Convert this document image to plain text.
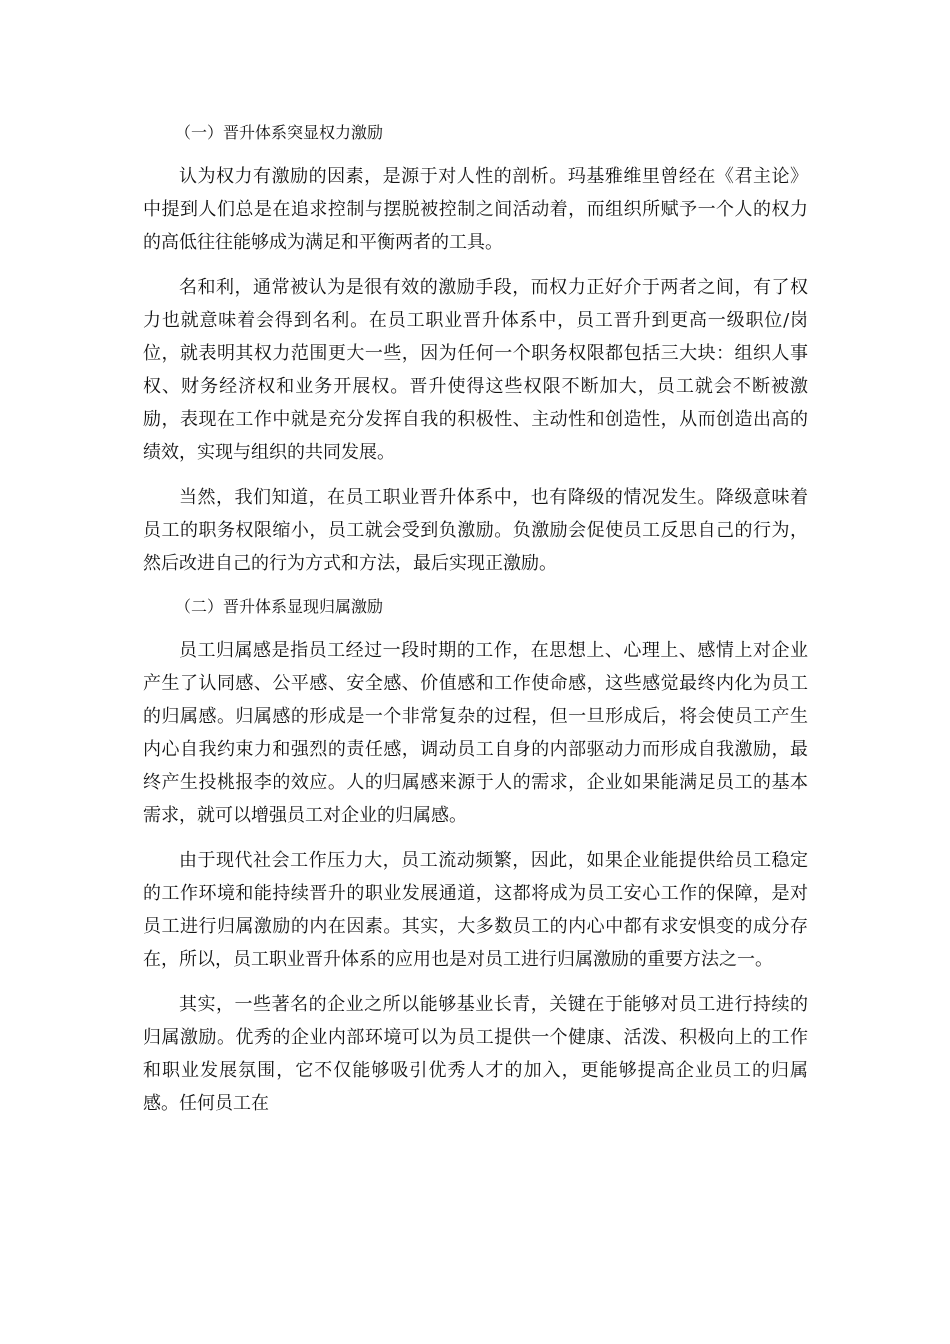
（一）晋升体系突显权力激励

认为权力有激励的因素，是源于对人性的剖析。玛基雅维里曾经在《君主论》中提到人们总是在追求控制与摆脱被控制之间活动着，而组织所赋予一个人的权力的高低往往能够成为满足和平衡两者的工具。

名和利，通常被认为是很有效的激励手段，而权力正好介于两者之间，有了权力也就意味着会得到名利。在员工职业晋升体系中，员工晋升到更高一级职位/岗位，就表明其权力范围更大一些，因为任何一个职务权限都包括三大块：组织人事权、财务经济权和业务开展权。晋升使得这些权限不断加大，员工就会不断被激励，表现在工作中就是充分发挥自我的积极性、主动性和创造性，从而创造出高的绩效，实现与组织的共同发展。

当然，我们知道，在员工职业晋升体系中，也有降级的情况发生。降级意味着员工的职务权限缩小，员工就会受到负激励。负激励会促使员工反思自己的行为，然后改进自己的行为方式和方法，最后实现正激励。

（二）晋升体系显现归属激励

员工归属感是指员工经过一段时期的工作，在思想上、心理上、感情上对企业产生了认同感、公平感、安全感、价值感和工作使命感，这些感觉最终内化为员工的归属感。归属感的形成是一个非常复杂的过程，但一旦形成后，将会使员工产生内心自我约束力和强烈的责任感，调动员工自身的内部驱动力而形成自我激励，最终产生投桃报李的效应。人的归属感来源于人的需求，企业如果能满足员工的基本需求，就可以增强员工对企业的归属感。

由于现代社会工作压力大，员工流动频繁，因此，如果企业能提供给员工稳定的工作环境和能持续晋升的职业发展通道，这都将成为员工安心工作的保障，是对员工进行归属激励的内在因素。其实，大多数员工的内心中都有求安惧变的成分存在，所以，员工职业晋升体系的应用也是对员工进行归属激励的重要方法之一。

其实，一些著名的企业之所以能够基业长青，关键在于能够对员工进行持续的归属激励。优秀的企业内部环境可以为员工提供一个健康、活泼、积极向上的工作和职业发展氛围，它不仅能够吸引优秀人才的加入，更能够提高企业员工的归属感。任何员工在
